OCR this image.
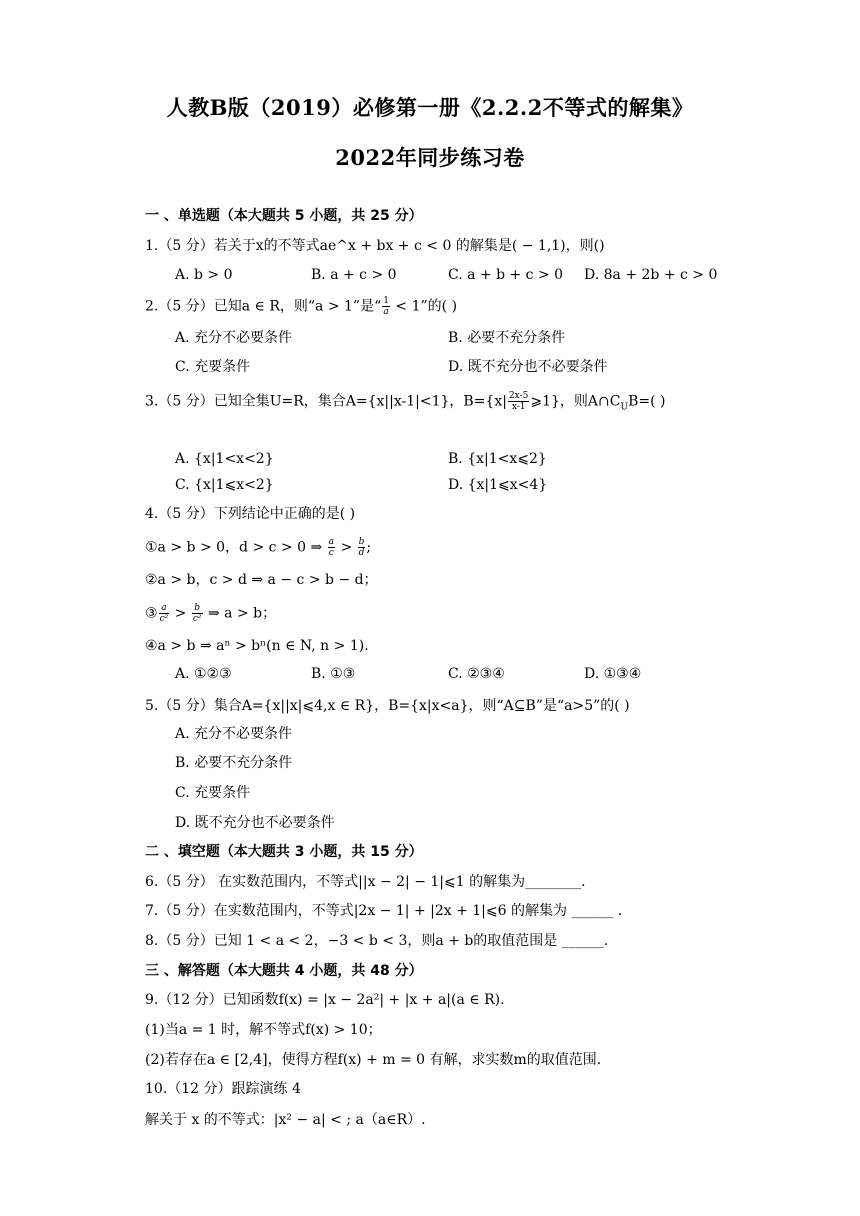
人教B版（2019）必修第一册《2.2.2不等式的解集》
2022年同步练习卷
一 、单选题（本大题共 5 小题，共 25 分）
1.（5 分）若关于x的不等式ae^x + bx + c < 0 的解集是( − 1,1)，则()
A. b > 0	B. a + c > 0	C. a + b + c > 0 D. 8a + 2b + c > 0
2.（5 分）已知a ∈ R，则“a > 1”是“ $\frac{1}{a} < 1$”的( )
A. 充分不必要条件	B. 必要不充分条件
C. 充要条件	D. 既不充分也不必要条件
3.（5 分）已知全集U=R，集合A={x||x-1|<1}，$B=\{x| \frac{2x-5}{x-1}$ ⩾1}，则$A\cap C_UB=$( )
A. {x|1<x<2}	B. {x|1<x⩽2}
C. {x|1⩽x<2}	D. {x|1⩽x<4}
4.（5 分）下列结论中正确的是( )
①a > b > 0，d > c > 0 ⇒ $\frac{a}{c} > \frac{b}{d}$ ;
②a > b，c > d ⇒ a − c > b − d；
③ $\frac{a}{\text{c²}} > \frac{b}{\text{c²}}$ ⇒ a > b；
④a > b ⇒ aⁿ > bⁿ(n ∈ N, n > 1).
A. ①②③	B. ①③	C. ②③④	D. ①③④
5.（5 分）集合A={x||x|⩽4,x ∈ R}，B={x|x<a}，则“A⊆B”是“a>5”的( )
A. 充分不必要条件
B. 必要不充分条件
C. 充要条件
D. 既不充分也不必要条件
二 、填空题（本大题共 3 小题，共 15 分）
6.（5 分） 在实数范围内，不等式||x − 2| − 1|⩽1 的解集为________.
7.（5 分）在实数范围内，不等式|2x − 1| + |2x + 1|⩽6 的解集为 ______ .
8.（5 分）已知 1 < a < 2，−3 < b < 3，则a + b的取值范围是 ______.
三 、解答题（本大题共 4 小题，共 48 分）
9.（12 分）已知函数f(x) = |x − 2a²| + |x + a|(a ∈ R).
(1)当a = 1 时，解不等式f(x) > 10；
(2)若存在a ∈ [2,4]，使得方程f(x) + m = 0 有解，求实数m的取值范围.
10.（12 分）跟踪演练 4
解关于 x 的不等式：|x² − a| < ; a（a∈R）.
